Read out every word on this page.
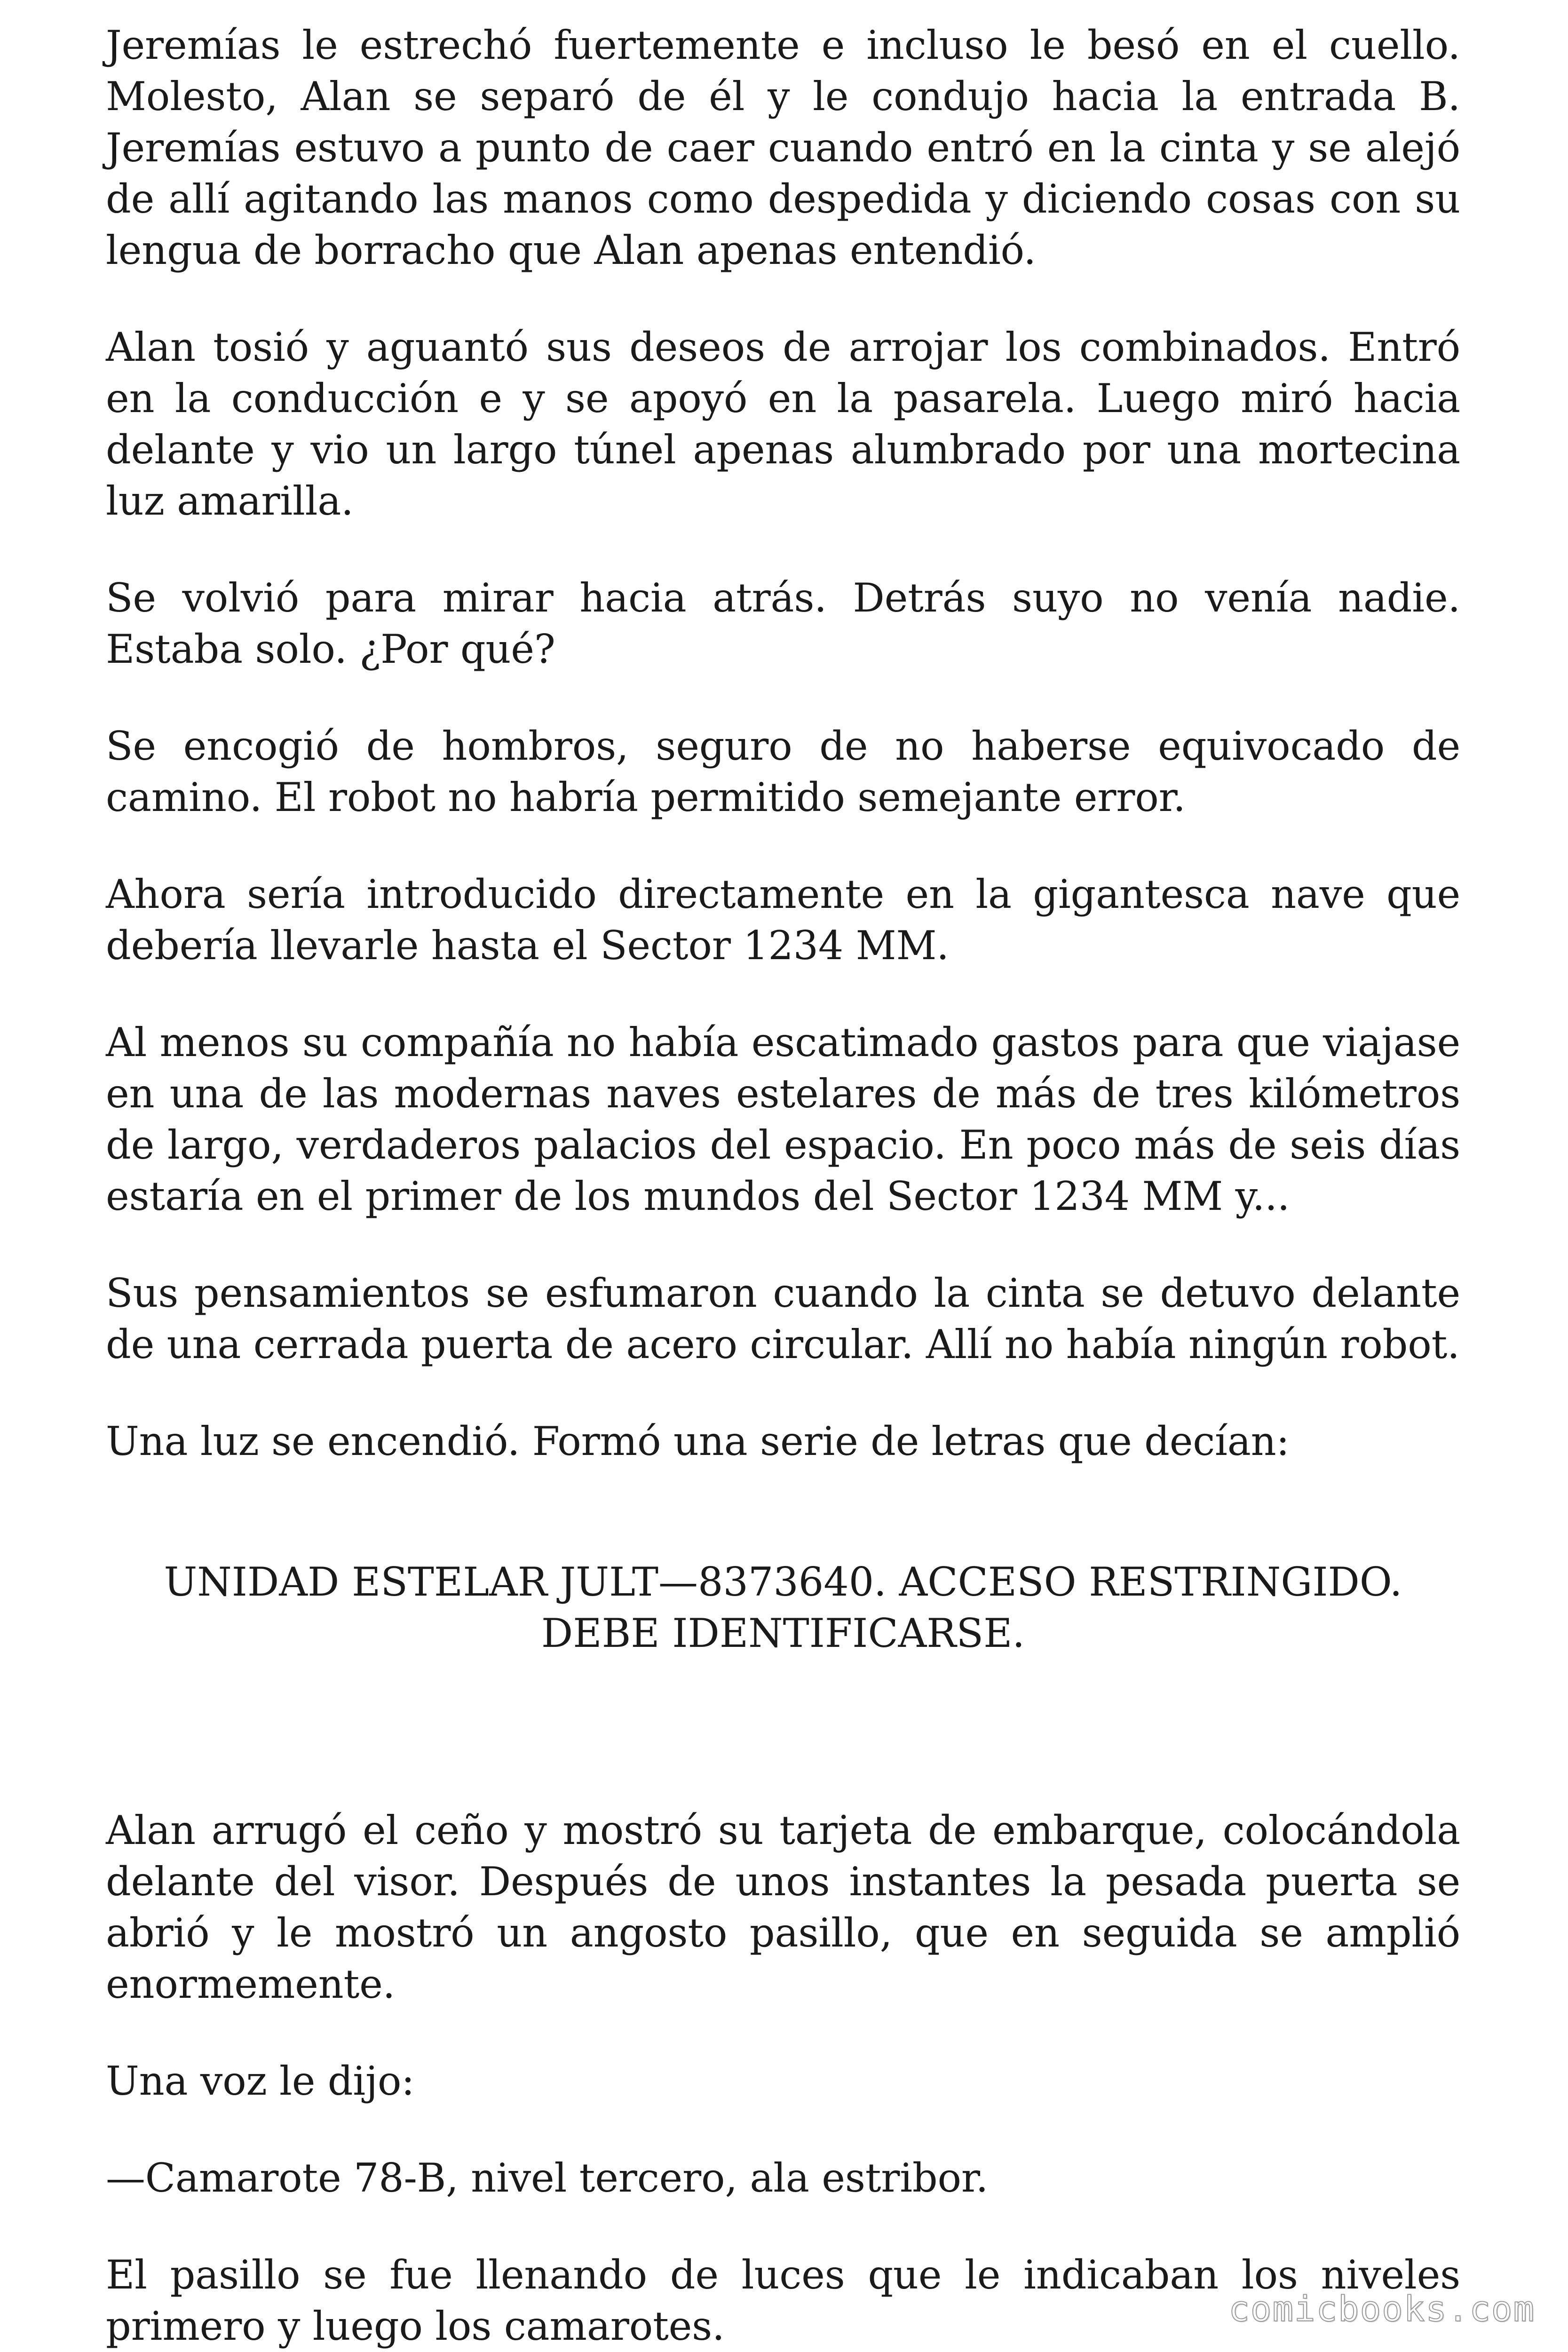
Jeremías le estrechó fuertemente e incluso le besó en el cuello. Molesto, Alan se separó de él y le condujo hacia la entrada B. Jeremías estuvo a punto de caer cuando entró en la cinta y se alejó de allí agitando las manos como despedida y diciendo cosas con su lengua de borracho que Alan apenas entendió.

Alan tosió y aguantó sus deseos de arrojar los combinados. Entró en la conducción e y se apoyó en la pasarela. Luego miró hacia delante y vio un largo túnel apenas alumbrado por una mortecina luz amarilla.

Se volvió para mirar hacia atrás. Detrás suyo no venía nadie. Estaba solo. ¿Por qué?

Se encogió de hombros, seguro de no haberse equivocado de camino. El robot no habría permitido semejante error.

Ahora sería introducido directamente en la gigantesca nave que debería llevarle hasta el Sector 1234 MM.

Al menos su compañía no había escatimado gastos para que viajase en una de las modernas naves estelares de más de tres kilómetros de largo, verdaderos palacios del espacio. En poco más de seis días estaría en el primer de los mundos del Sector 1234 MM y...

Sus pensamientos se esfumaron cuando la cinta se detuvo delante de una cerrada puerta de acero circular. Allí no había ningún robot.

Una luz se encendió. Formó una serie de letras que decían:

UNIDAD ESTELAR JULT—8373640. ACCESO RESTRINGIDO. DEBE IDENTIFICARSE.

Alan arrugó el ceño y mostró su tarjeta de embarque, colocándola delante del visor. Después de unos instantes la pesada puerta se abrió y le mostró un angosto pasillo, que en seguida se amplió enormemente.

Una voz le dijo:

—Camarote 78-B, nivel tercero, ala estribor.

El pasillo se fue llenando de luces que le indicaban los niveles primero y luego los camarotes.	comicbooks.com
